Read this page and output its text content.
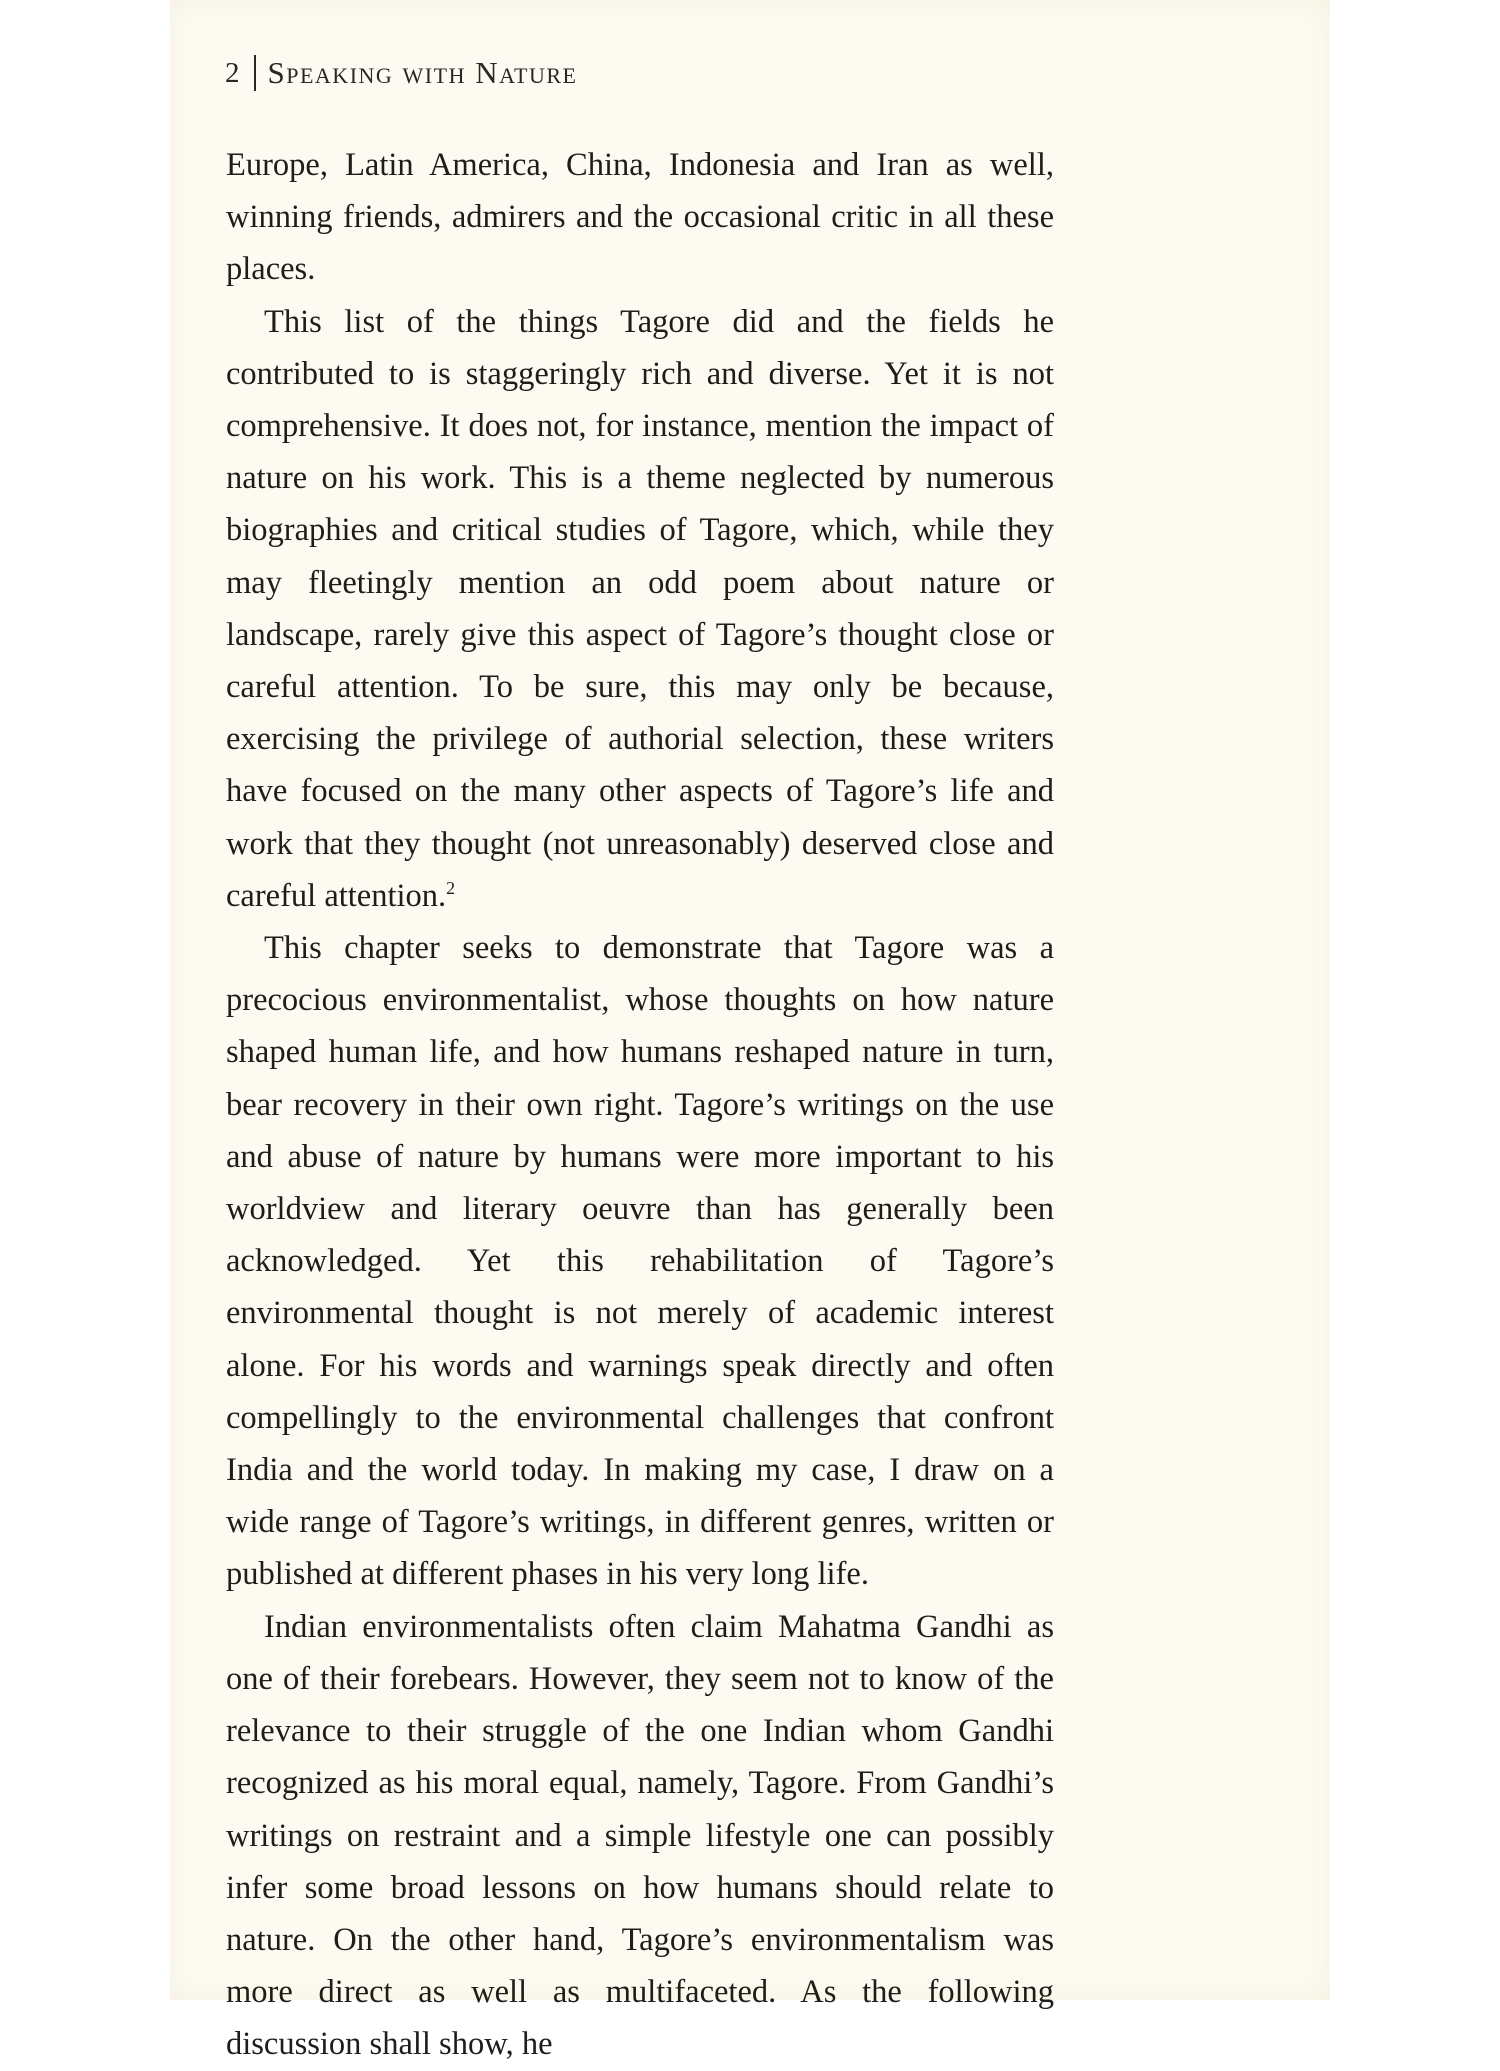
2 Speaking with Nature

Europe, Latin America, China, Indonesia and Iran as well, winning friends, admirers and the occasional critic in all these places.

This list of the things Tagore did and the fields he contributed to is staggeringly rich and diverse. Yet it is not comprehensive. It does not, for instance, mention the impact of nature on his work. This is a theme neglected by numerous biographies and critical studies of Tagore, which, while they may fleetingly mention an odd poem about nature or landscape, rarely give this aspect of Tagore’s thought close or careful attention. To be sure, this may only be because, exercising the privilege of authorial selection, these writers have focused on the many other aspects of Tagore’s life and work that they thought (not unreasonably) deserved close and careful attention.$^2$

This chapter seeks to demonstrate that Tagore was a precocious environmentalist, whose thoughts on how nature shaped human life, and how humans reshaped nature in turn, bear recovery in their own right. Tagore’s writings on the use and abuse of nature by humans were more important to his worldview and literary oeuvre than has generally been acknowledged. Yet this rehabilitation of Tagore’s environmental thought is not merely of academic interest alone. For his words and warnings speak directly and often compellingly to the environmental challenges that confront India and the world today. In making my case, I draw on a wide range of Tagore’s writings, in different genres, written or published at different phases in his very long life.

Indian environmentalists often claim Mahatma Gandhi as one of their forebears. However, they seem not to know of the relevance to their struggle of the one Indian whom Gandhi recognized as his moral equal, namely, Tagore. From Gandhi’s writings on restraint and a simple lifestyle one can possibly infer some broad lessons on how humans should relate to nature. On the other hand, Tagore’s environmentalism was more direct as well as multifaceted. As the following discussion shall show, he
